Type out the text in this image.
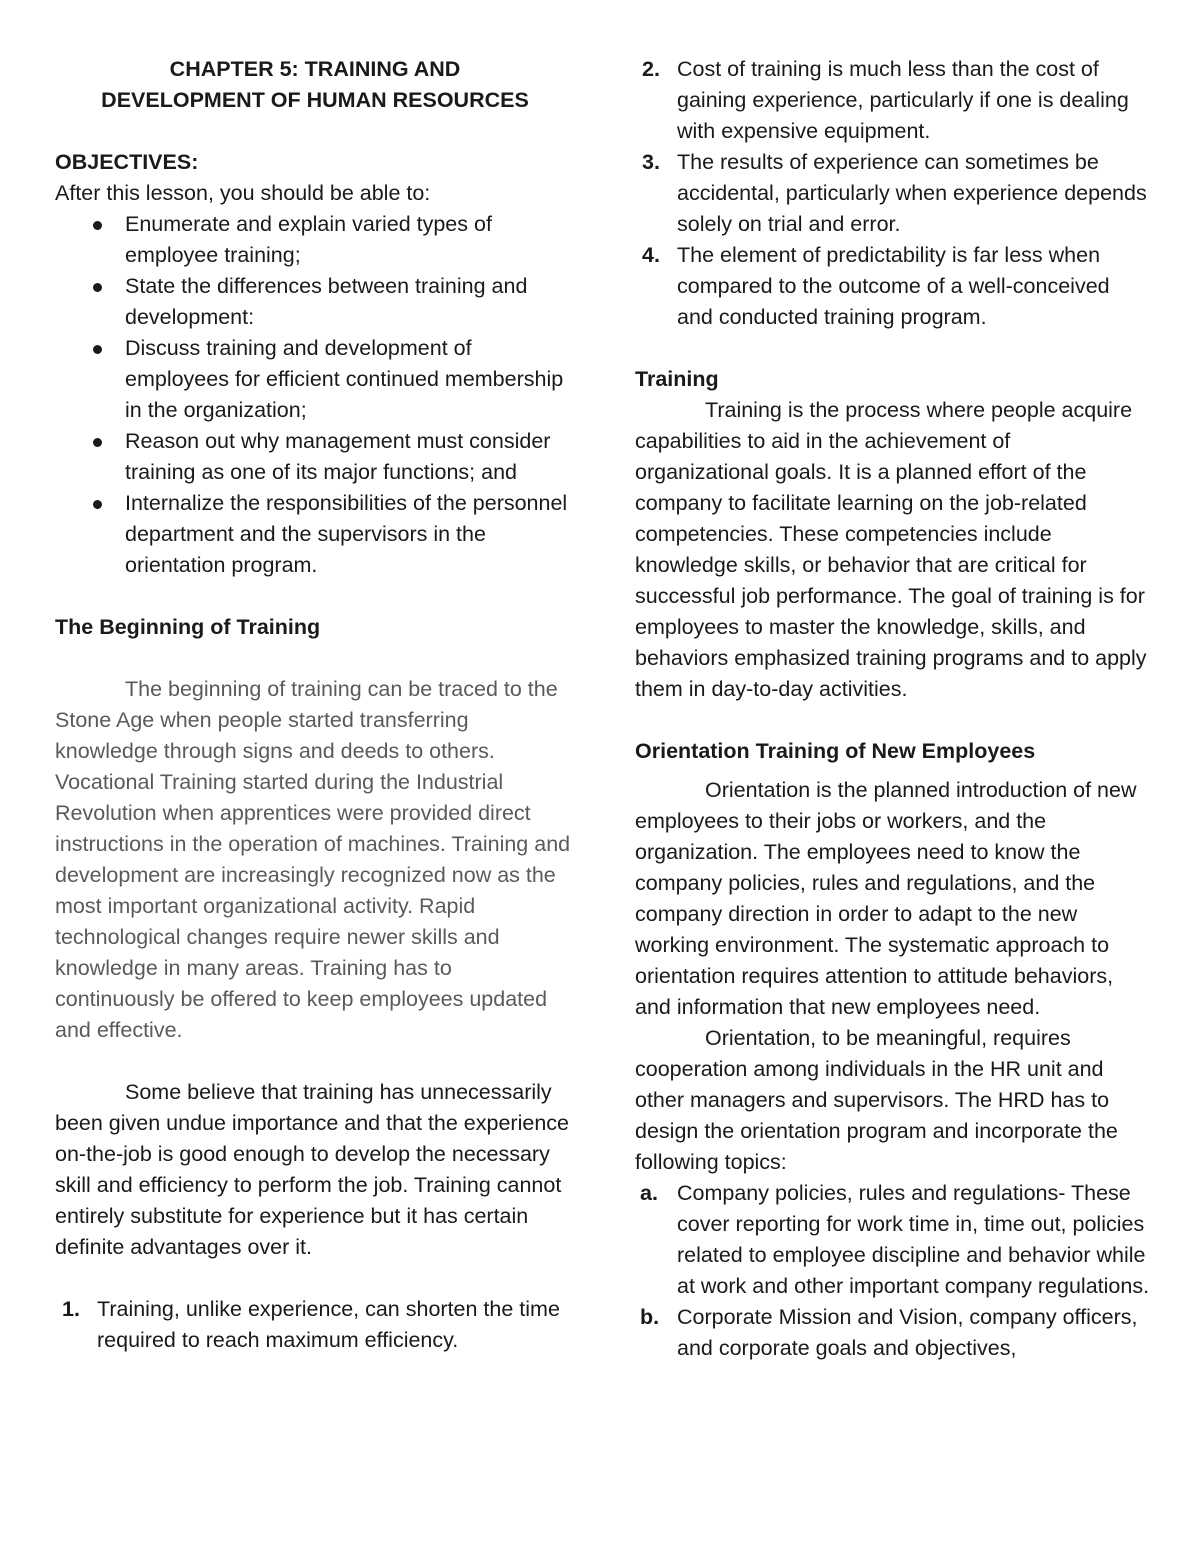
CHAPTER 5: TRAINING AND
DEVELOPMENT OF HUMAN RESOURCES

OBJECTIVES:

After this lesson, you should be able to:

Enumerate and explain varied types of employee training;
State the differences between training and development:
Discuss training and development of employees for efficient continued membership in the organization;
Reason out why management must consider training as one of its major functions; and
Internalize the responsibilities of the personnel department and the supervisors in the orientation program.

The Beginning of Training

The beginning of training can be traced to the Stone Age when people started transferring knowledge through signs and deeds to others. Vocational Training started during the Industrial Revolution when apprentices were provided direct instructions in the operation of machines. Training and development are increasingly recognized now as the most important organizational activity. Rapid technological changes require newer skills and knowledge in many areas. Training has to continuously be offered to keep employees updated and effective.

Some believe that training has unnecessarily been given undue importance and that the experience on-the-job is good enough to develop the necessary skill and efficiency to perform the job. Training cannot entirely substitute for experience but it has certain definite advantages over it.

1. Training, unlike experience, can shorten the time required to reach maximum efficiency.
2. Cost of training is much less than the cost of gaining experience, particularly if one is dealing with expensive equipment.
3. The results of experience can sometimes be accidental, particularly when experience depends solely on trial and error.
4. The element of predictability is far less when compared to the outcome of a well-conceived and conducted training program.

Training

Training is the process where people acquire capabilities to aid in the achievement of organizational goals. It is a planned effort of the company to facilitate learning on the job-related competencies. These competencies include knowledge skills, or behavior that are critical for successful job performance. The goal of training is for employees to master the knowledge, skills, and behaviors emphasized training programs and to apply them in day-to-day activities.

Orientation Training of New Employees

Orientation is the planned introduction of new employees to their jobs or workers, and the organization. The employees need to know the company policies, rules and regulations, and the company direction in order to adapt to the new working environment. The systematic approach to orientation requires attention to attitude behaviors, and information that new employees need.

Orientation, to be meaningful, requires cooperation among individuals in the HR unit and other managers and supervisors. The HRD has to design the orientation program and incorporate the following topics:

a. Company policies, rules and regulations- These cover reporting for work time in, time out, policies related to employee discipline and behavior while at work and other important company regulations.
b. Corporate Mission and Vision, company officers, and corporate goals and objectives,
